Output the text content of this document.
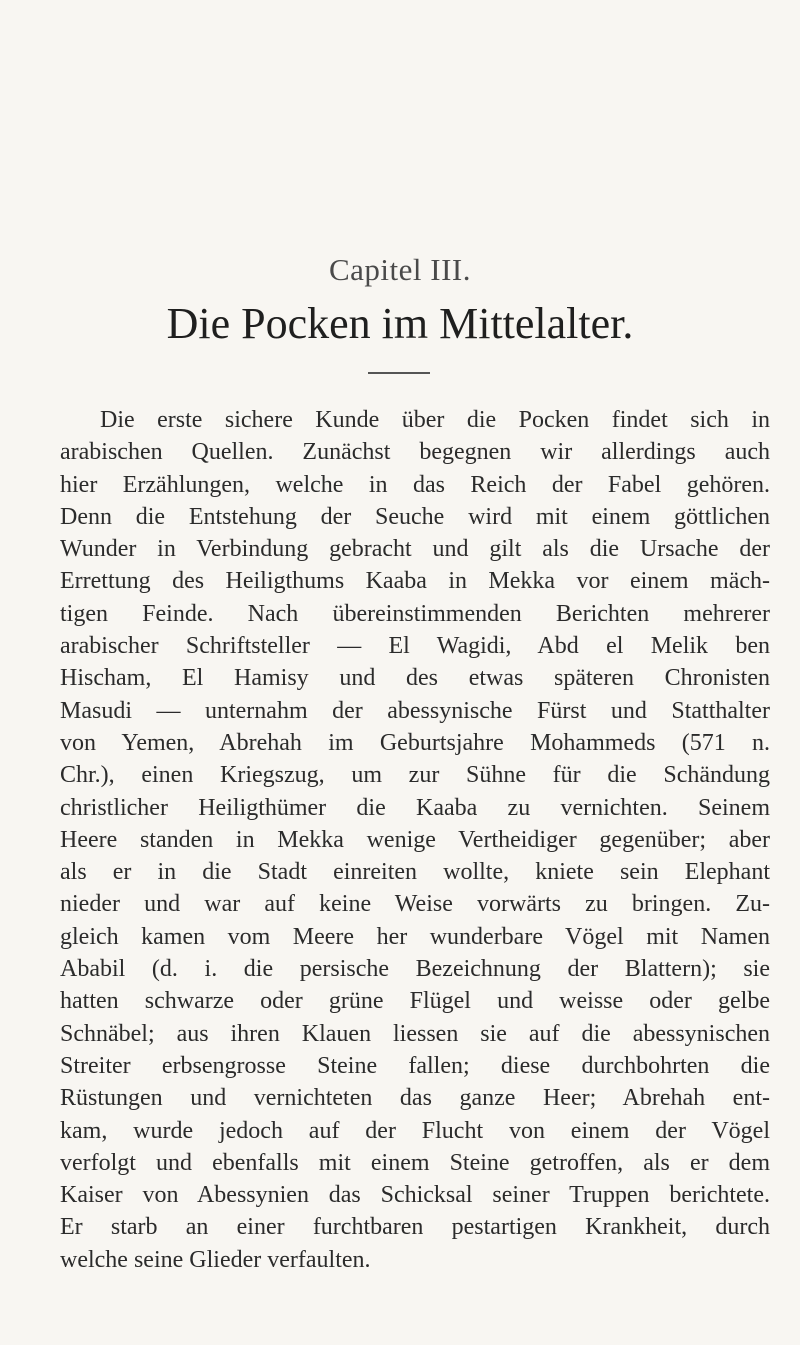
Capitel III.
Die Pocken im Mittelalter.
Die erste sichere Kunde über die Pocken findet sich in
arabischen Quellen. Zunächst begegnen wir allerdings auch
hier Erzählungen, welche in das Reich der Fabel gehören.
Denn die Entstehung der Seuche wird mit einem göttlichen
Wunder in Verbindung gebracht und gilt als die Ursache der
Errettung des Heiligthums Kaaba in Mekka vor einem mäch-
tigen Feinde. Nach übereinstimmenden Berichten mehrerer
arabischer Schriftsteller — El Wagidi, Abd el Melik ben
Hischam, El Hamisy und des etwas späteren Chronisten
Masudi — unternahm der abessynische Fürst und Statthalter
von Yemen, Abrehah im Geburtsjahre Mohammeds (571 n.
Chr.), einen Kriegszug, um zur Sühne für die Schändung
christlicher Heiligthümer die Kaaba zu vernichten. Seinem
Heere standen in Mekka wenige Vertheidiger gegenüber; aber
als er in die Stadt einreiten wollte, kniete sein Elephant
nieder und war auf keine Weise vorwärts zu bringen. Zu-
gleich kamen vom Meere her wunderbare Vögel mit Namen
Ababil (d. i. die persische Bezeichnung der Blattern); sie
hatten schwarze oder grüne Flügel und weisse oder gelbe
Schnäbel; aus ihren Klauen liessen sie auf die abessynischen
Streiter erbsengrosse Steine fallen; diese durchbohrten die
Rüstungen und vernichteten das ganze Heer; Abrehah ent-
kam, wurde jedoch auf der Flucht von einem der Vögel
verfolgt und ebenfalls mit einem Steine getroffen, als er dem
Kaiser von Abessynien das Schicksal seiner Truppen berichtete.
Er starb an einer furchtbaren pestartigen Krankheit, durch
welche seine Glieder verfaulten.
